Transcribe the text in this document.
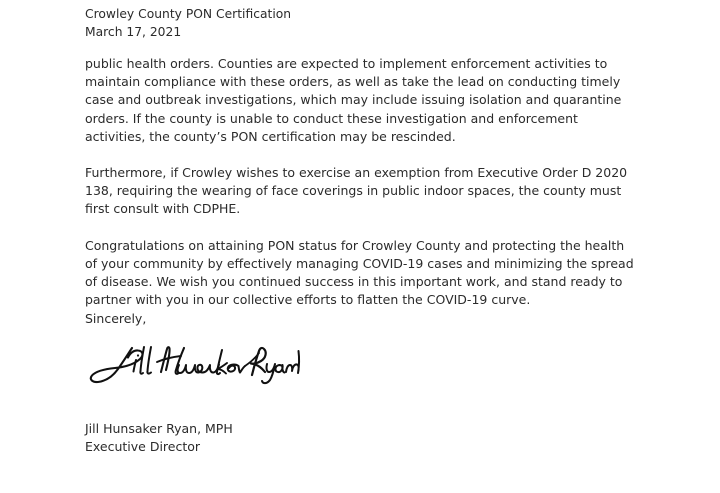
Crowley County PON Certification
March 17, 2021

public health orders. Counties are expected to implement enforcement activities to maintain compliance with these orders, as well as take the lead on conducting timely case and outbreak investigations, which may include issuing isolation and quarantine orders. If the county is unable to conduct these investigation and enforcement activities, the county’s PON certification may be rescinded.

Furthermore, if Crowley wishes to exercise an exemption from Executive Order D 2020 138, requiring the wearing of face coverings in public indoor spaces, the county must first consult with CDPHE.

Congratulations on attaining PON status for Crowley County and protecting the health of your community by effectively managing COVID-19 cases and minimizing the spread of disease. We wish you continued success in this important work, and stand ready to partner with you in our collective efforts to flatten the COVID-19 curve.

Sincerely,

Jill Hunsaker Ryan, MPH
Executive Director
